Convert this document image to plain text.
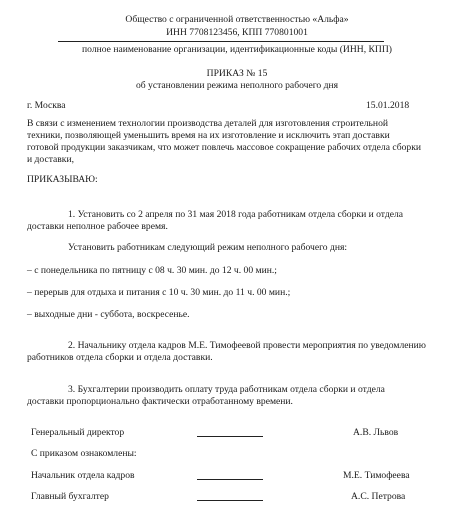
Общество с ограниченной ответственностью «Альфа»
ИНН 7708123456, КПП 770801001
полное наименование организации, идентификационные коды (ИНН, КПП)
ПРИКАЗ № 15
об установлении режима неполного рабочего дня
г. Москва	15.01.2018
В связи с изменением технологии производства деталей для изготовления строительной
техники, позволяющей уменьшить время на их изготовление и исключить этап доставки
готовой продукции заказчикам, что может повлечь массовое сокращение рабочих отдела сборки
и доставки,
ПРИКАЗЫВАЮ:
1. Установить со 2 апреля по 31 мая 2018 года работникам отдела сборки и отдела
доставки неполное рабочее время.
Установить работникам следующий режим неполного рабочего дня:
– с понедельника по пятницу с 08 ч. 30 мин. до 12 ч. 00 мин.;
– перерыв для отдыха и питания с 10 ч. 30 мин. до 11 ч. 00 мин.;
– выходные дни - суббота, воскресенье.
2. Начальнику отдела кадров М.Е. Тимофеевой провести мероприятия по уведомлению
работников отдела сборки и отдела доставки.
3. Бухгалтерии производить оплату труда работникам отдела сборки и отдела
доставки пропорционально фактически отработанному времени.
Генеральный директор	А.В. Львов
С приказом ознакомлены:
Начальник отдела кадров	М.Е. Тимофеева
Главный бухгалтер	А.С. Петрова
